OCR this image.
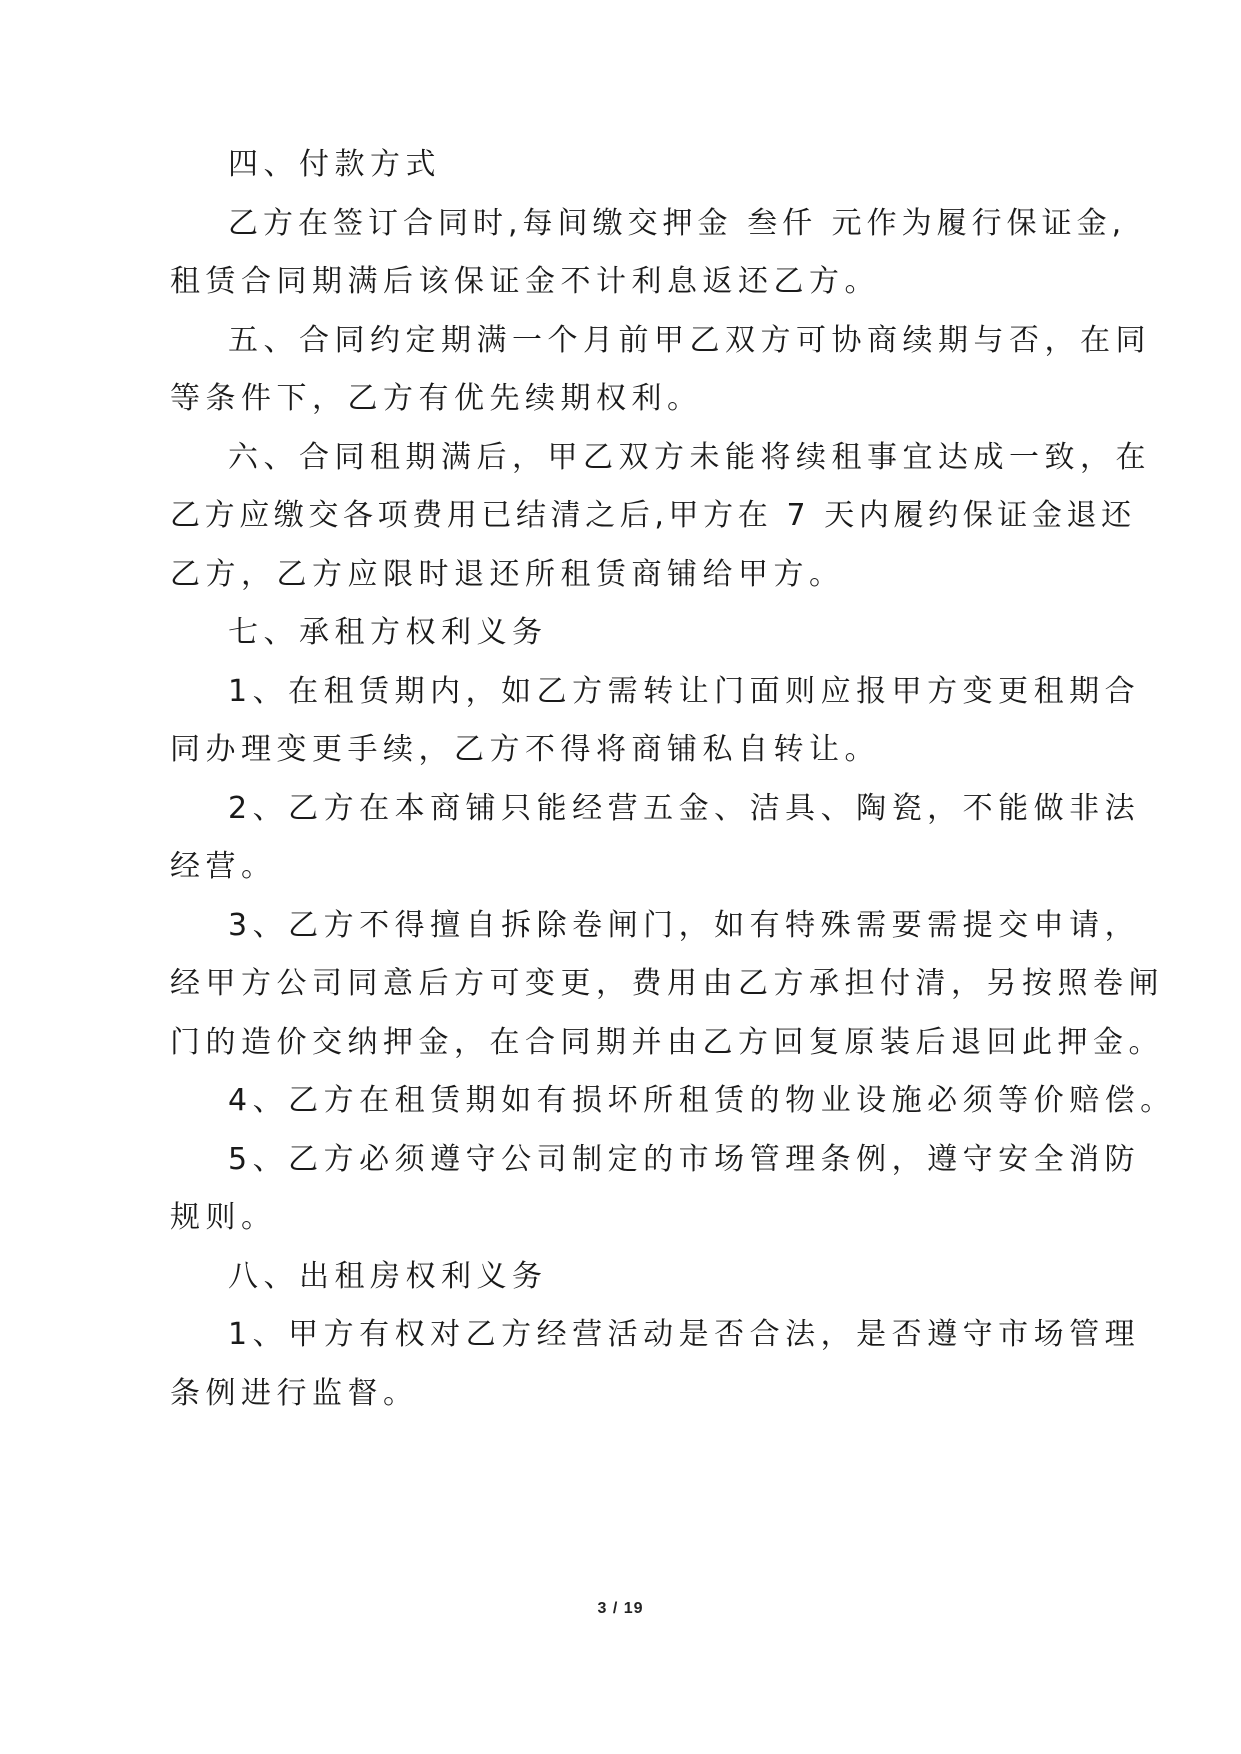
四、付款方式
乙方在签订合同时,每间缴交押金 叁仟 元作为履行保证金,
租赁合同期满后该保证金不计利息返还乙方。
五、合同约定期满一个月前甲乙双方可协商续期与否，在同
等条件下，乙方有优先续期权利。
六、合同租期满后，甲乙双方未能将续租事宜达成一致，在
乙方应缴交各项费用已结清之后,甲方在 7 天内履约保证金退还
乙方，乙方应限时退还所租赁商铺给甲方。
七、承租方权利义务
1、在租赁期内，如乙方需转让门面则应报甲方变更租期合
同办理变更手续，乙方不得将商铺私自转让。
2、乙方在本商铺只能经营五金、洁具、陶瓷，不能做非法
经营。
3、乙方不得擅自拆除卷闸门，如有特殊需要需提交申请，
经甲方公司同意后方可变更，费用由乙方承担付清，另按照卷闸
门的造价交纳押金，在合同期并由乙方回复原装后退回此押金。
4、乙方在租赁期如有损坏所租赁的物业设施必须等价赔偿。
5、乙方必须遵守公司制定的市场管理条例，遵守安全消防
规则。
八、出租房权利义务
1、甲方有权对乙方经营活动是否合法，是否遵守市场管理
条例进行监督。
3 / 19
